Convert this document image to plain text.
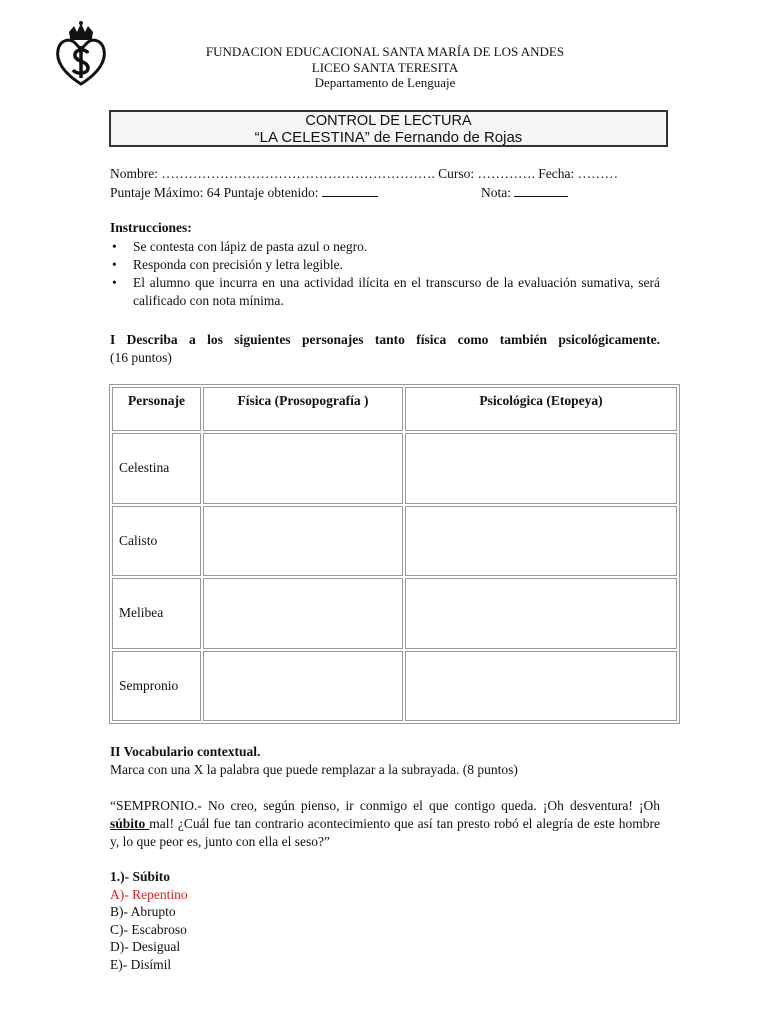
FUNDACION EDUCACIONAL SANTA MARÍA DE LOS ANDES
LICEO SANTA TERESITA
Departamento de Lenguaje
CONTROL DE LECTURA
“LA CELESTINA” de Fernando de Rojas
Nombre: ……………………………………………………. Curso: …………. Fecha: ………
Puntaje Máximo: 64 Puntaje obtenido:	Nota:
Instrucciones:
• Se contesta con lápiz de pasta azul o negro.
• Responda con precisión y letra legible.
• El alumno que incurra en una actividad ilícita en el transcurso de la evaluación sumativa, será calificado con nota mínima.
I Describa a los siguientes personajes tanto física como también psicológicamente.
(16 puntos)
Personaje	Física (Prosopografía )	Psicológica (Etopeya)
Celestina		
Calisto		
Melibea		
Sempronio		
II Vocabulario contextual.
Marca con una X la palabra que puede remplazar a la subrayada. (8 puntos)
“SEMPRONIO.- No creo, según pienso, ir conmigo el que contigo queda. ¡Oh desventura! ¡Oh súbito mal! ¿Cuál fue tan contrario acontecimiento que así tan presto robó el alegría de este hombre y, lo que peor es, junto con ella el seso?”
1.)- Súbito
A)- Repentino
B)- Abrupto
C)- Escabroso
D)- Desigual
E)- Disímil
